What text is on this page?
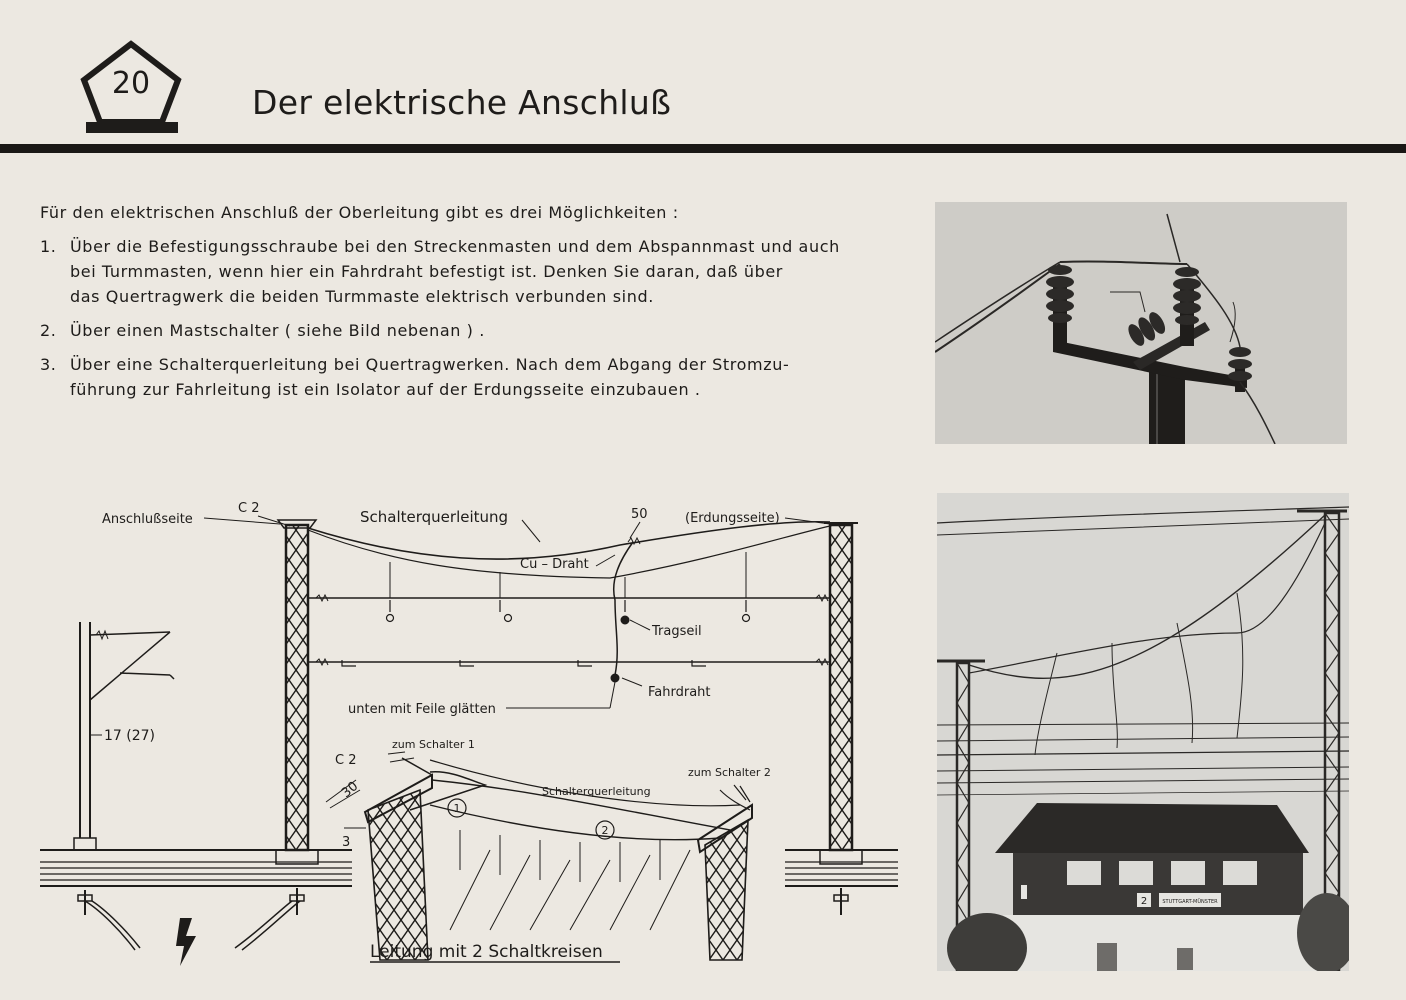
20	Der elektrische Anschluß

Für den elektrischen Anschluß der Oberleitung gibt es drei Möglichkeiten :

1. Über die Befestigungsschraube bei den Streckenmasten und dem Abspannmast und auch
bei Turmmasten, wenn hier ein Fahrdraht befestigt ist. Denken Sie daran, daß über
das Quertragwerk die beiden Turmmaste elektrisch verbunden sind.
2. Über einen Mastschalter ( siehe Bild nebenan ) .
3. Über eine Schalterquerleitung bei Quertragwerken. Nach dem Abgang der Stromzu-
führung zur Fahrleitung ist ein Isolator auf der Erdungsseite einzubauen .
2	STUTTGART-MÜNSTER
Anschlußseite
C 2	Schalterquerleitung	50	(Erdungsseite)
Cu – Draht
Tragseil
Fahrdraht
unten mit Feile glätten
17 (27)
zum Schalter 1
C 2
30
3
Schalterquerleitung
zum Schalter 2
1
2
Leitung mit 2 Schaltkreisen
